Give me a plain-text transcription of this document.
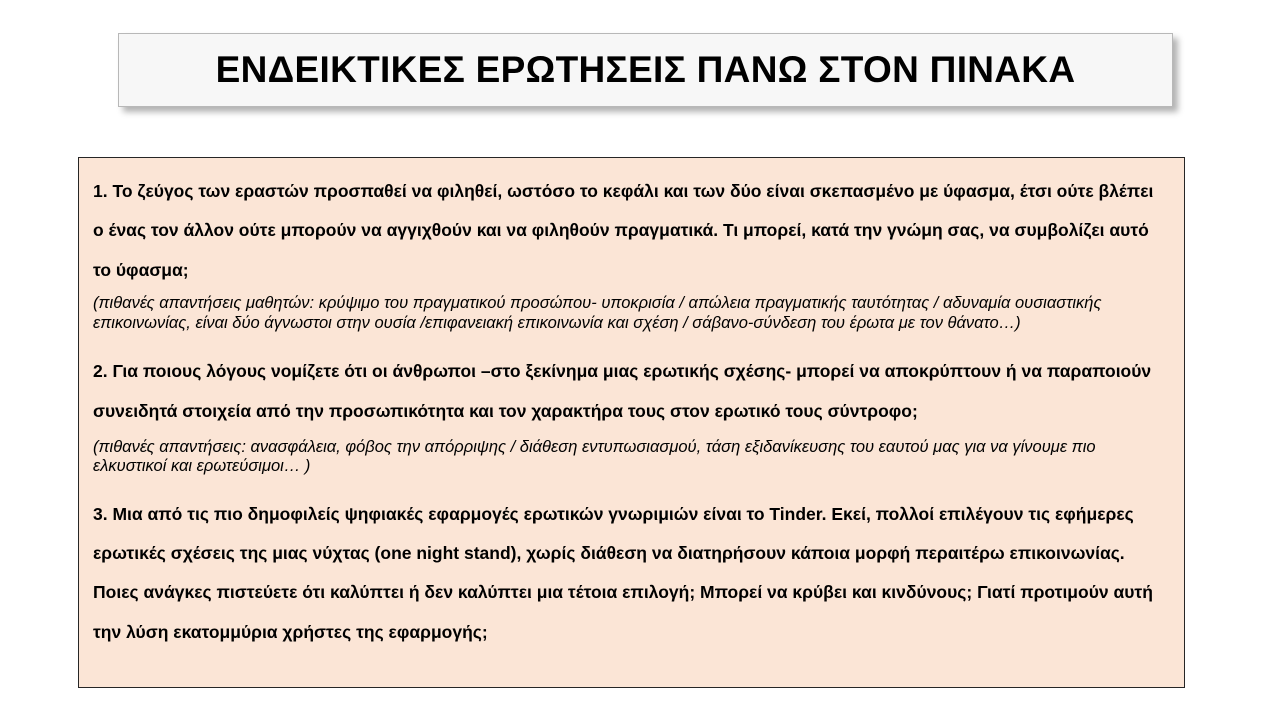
ΕΝΔΕΙΚΤΙΚΕΣ ΕΡΩΤΗΣΕΙΣ ΠΑΝΩ ΣΤΟΝ ΠΙΝΑΚΑ
1. Το ζεύγος των εραστών προσπαθεί να φιληθεί, ωστόσο το κεφάλι και των δύο είναι σκεπασμένο με ύφασμα, έτσι ούτε βλέπει ο ένας τον άλλον ούτε μπορούν να αγγιχθούν και να φιληθούν πραγματικά. Τι μπορεί, κατά την γνώμη σας, να συμβολίζει αυτό το ύφασμα;
(πιθανές απαντήσεις μαθητών: κρύψιμο του πραγματικού προσώπου- υποκρισία / απώλεια πραγματικής ταυτότητας / αδυναμία ουσιαστικής επικοινωνίας, είναι δύο άγνωστοι στην ουσία /επιφανειακή επικοινωνία και σχέση / σάβανο-σύνδεση του έρωτα με τον θάνατο…)
2. Για ποιους λόγους νομίζετε ότι οι άνθρωποι –στο ξεκίνημα μιας ερωτικής σχέσης- μπορεί να αποκρύπτουν ή να παραποιούν συνειδητά στοιχεία από την προσωπικότητα και τον χαρακτήρα τους στον ερωτικό τους σύντροφο;
(πιθανές απαντήσεις: ανασφάλεια, φόβος την απόρριψης / διάθεση εντυπωσιασμού, τάση εξιδανίκευσης του εαυτού μας για να γίνουμε πιο ελκυστικοί και ερωτεύσιμοι… )
3. Μια από τις πιο δημοφιλείς ψηφιακές εφαρμογές ερωτικών γνωριμιών είναι το Tinder. Εκεί, πολλοί επιλέγουν τις εφήμερες ερωτικές σχέσεις της μιας νύχτας (one night stand), χωρίς διάθεση να διατηρήσουν κάποια μορφή περαιτέρω επικοινωνίας. Ποιες ανάγκες πιστεύετε ότι καλύπτει ή δεν καλύπτει μια τέτοια επιλογή; Μπορεί να κρύβει και κινδύνους; Γιατί προτιμούν αυτή την λύση εκατομμύρια χρήστες της εφαρμογής;
